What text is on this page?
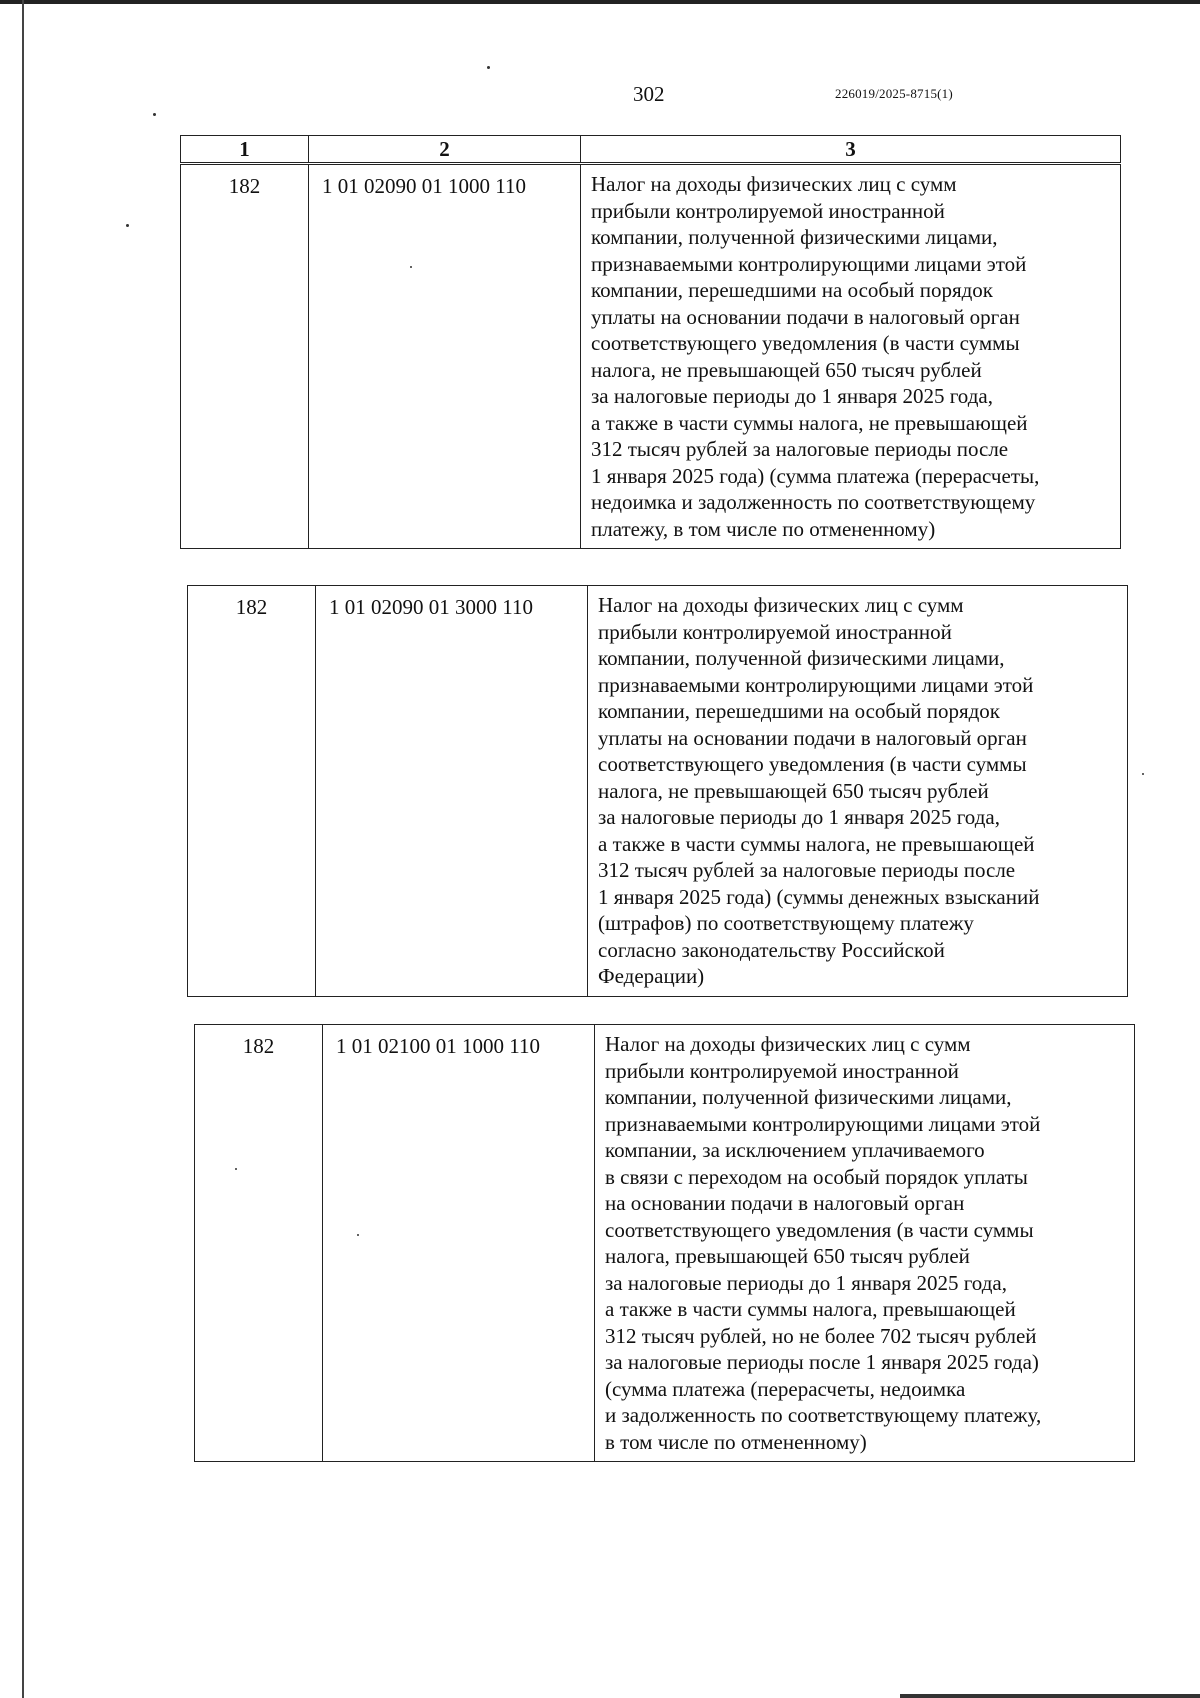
302	226019/2025-8715(1)
1	2	3
182	1 01 02090 01 1000 110	Налог на доходы физических лиц с сумм
прибыли контролируемой иностранной
компании, полученной физическими лицами,
признаваемыми контролирующими лицами этой
компании, перешедшими на особый порядок
уплаты на основании подачи в налоговый орган
соответствующего уведомления (в части суммы
налога, не превышающей 650 тысяч рублей
за налоговые периоды до 1 января 2025 года,
а также в части суммы налога, не превышающей
312 тысяч рублей за налоговые периоды после
1 января 2025 года) (сумма платежа (перерасчеты,
недоимка и задолженность по соответствующему
платежу, в том числе по отмененному)
182	1 01 02090 01 3000 110	Налог на доходы физических лиц с сумм
прибыли контролируемой иностранной
компании, полученной физическими лицами,
признаваемыми контролирующими лицами этой
компании, перешедшими на особый порядок
уплаты на основании подачи в налоговый орган
соответствующего уведомления (в части суммы
налога, не превышающей 650 тысяч рублей
за налоговые периоды до 1 января 2025 года,
а также в части суммы налога, не превышающей
312 тысяч рублей за налоговые периоды после
1 января 2025 года) (суммы денежных взысканий
(штрафов) по соответствующему платежу
согласно законодательству Российской
Федерации)
182	1 01 02100 01 1000 110	Налог на доходы физических лиц с сумм
прибыли контролируемой иностранной
компании, полученной физическими лицами,
признаваемыми контролирующими лицами этой
компании, за исключением уплачиваемого
в связи с переходом на особый порядок уплаты
на основании подачи в налоговый орган
соответствующего уведомления (в части суммы
налога, превышающей 650 тысяч рублей
за налоговые периоды до 1 января 2025 года,
а также в части суммы налога, превышающей
312 тысяч рублей, но не более 702 тысяч рублей
за налоговые периоды после 1 января 2025 года)
(сумма платежа (перерасчеты, недоимка
и задолженность по соответствующему платежу,
в том числе по отмененному)
